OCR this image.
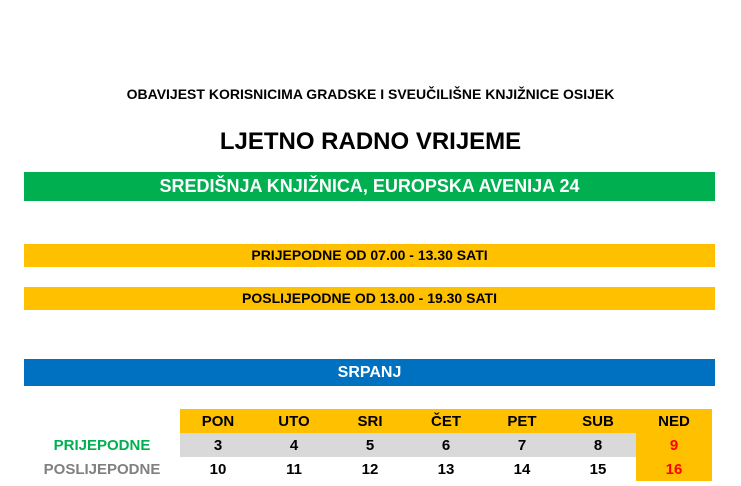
OBAVIJEST KORISNICIMA GRADSKE I SVEUČILIŠNE KNJIŽNICE OSIJEK
LJETNO RADNO VRIJEME
SREDIŠNJA KNJIŽNICA, EUROPSKA AVENIJA 24
PRIJEPODNE OD 07.00 - 13.30 SATI
POSLIJEPODNE OD 13.00 - 19.30 SATI
SRPANJ
	PON	UTO	SRI	ČET	PET	SUB	NED
PRIJEPODNE	3	4	5	6	7	8	9
POSLIJEPODNE	10	11	12	13	14	15	16
